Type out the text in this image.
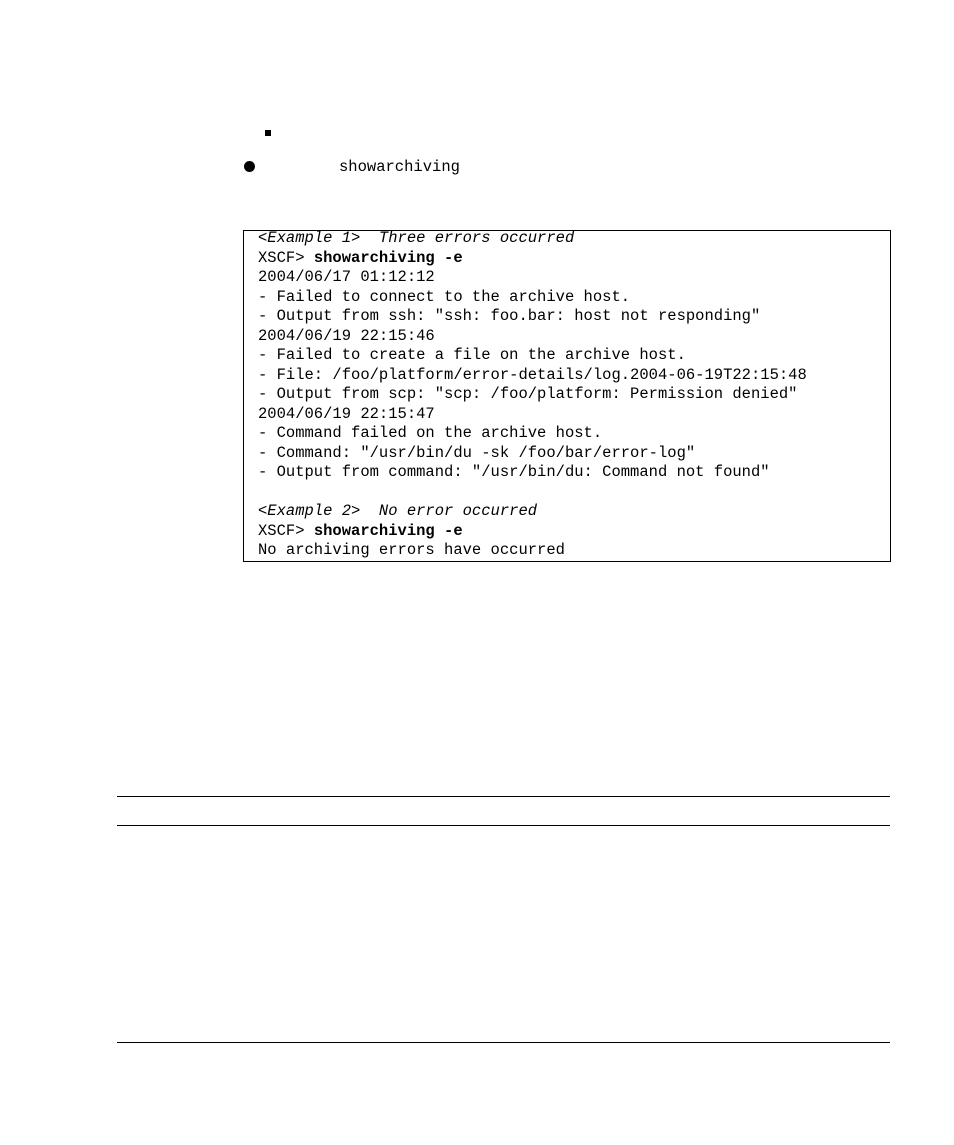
showarchiving
<Example 1>  Three errors occurred
XSCF> showarchiving -e
2004/06/17 01:12:12
- Failed to connect to the archive host.
- Output from ssh: "ssh: foo.bar: host not responding"
2004/06/19 22:15:46
- Failed to create a file on the archive host.
- File: /foo/platform/error-details/log.2004-06-19T22:15:48
- Output from scp: "scp: /foo/platform: Permission denied"
2004/06/19 22:15:47
- Command failed on the archive host.
- Command: "/usr/bin/du -sk /foo/bar/error-log"
- Output from command: "/usr/bin/du: Command not found"
<Example 2>  No error occurred
XSCF> showarchiving -e
No archiving errors have occurred
